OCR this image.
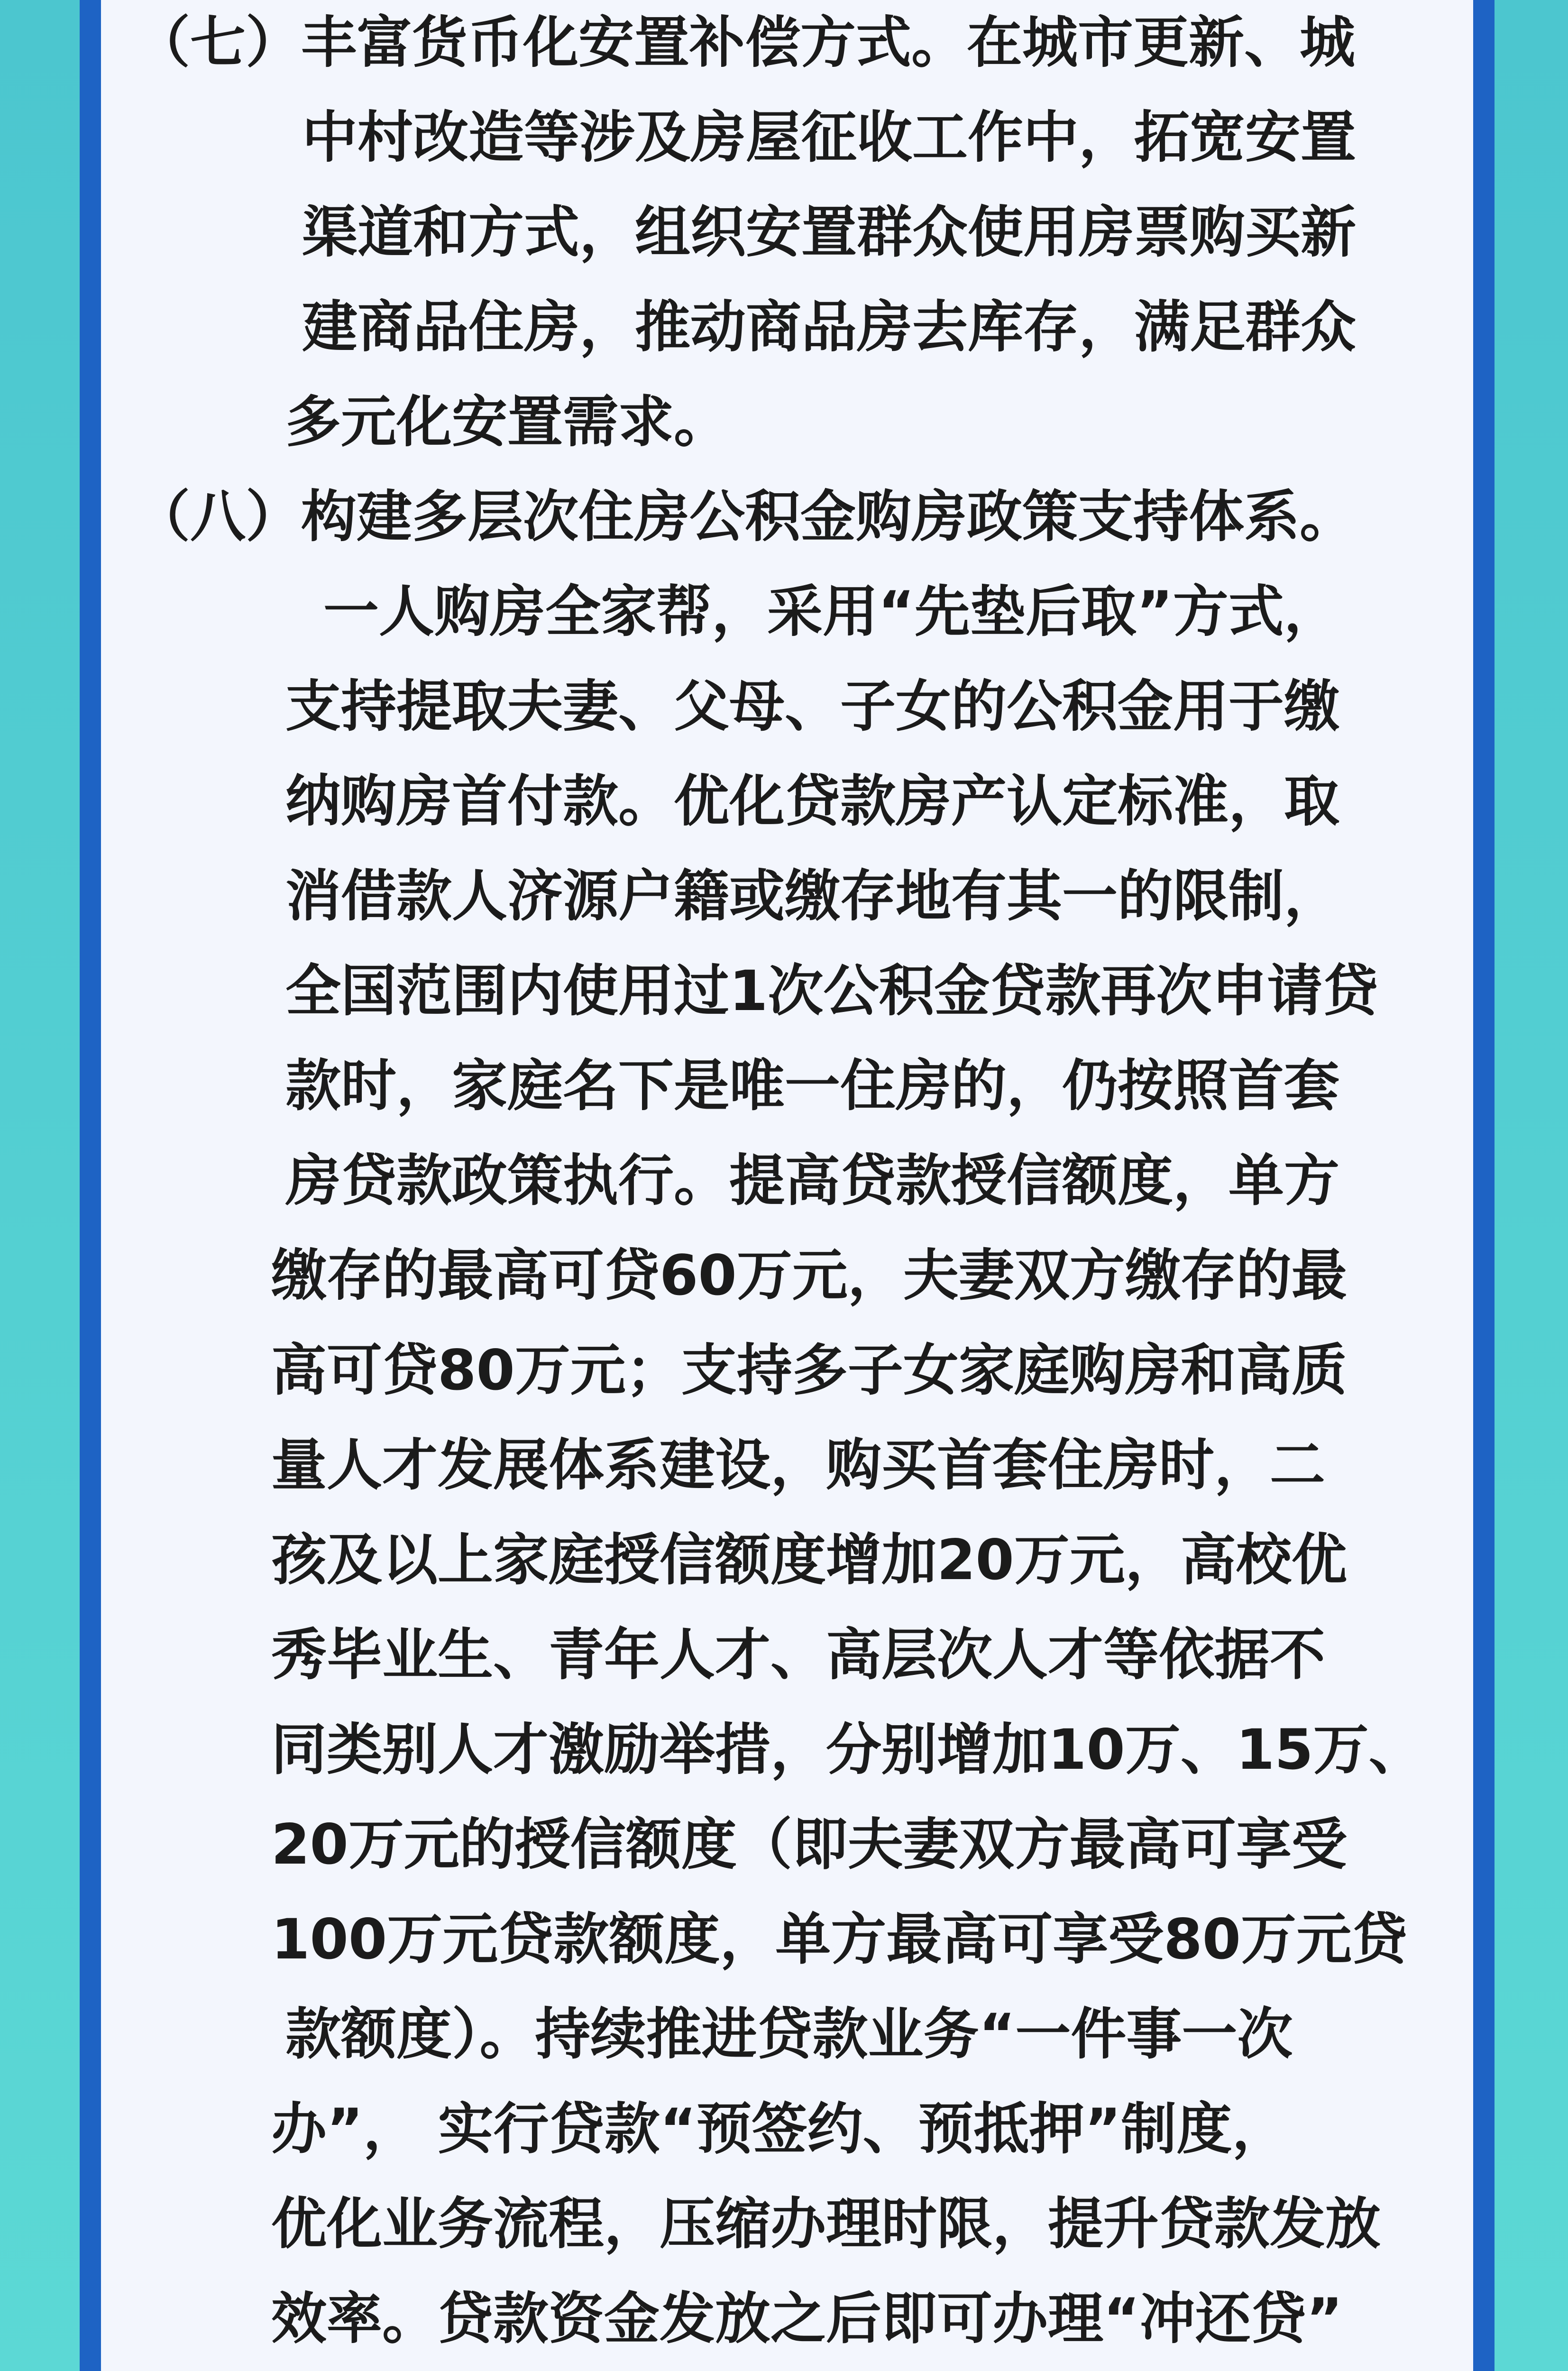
（七）丰富货币化安置补偿方式。在城市更新、城
中村改造等涉及房屋征收工作中，拓宽安置
渠道和方式，组织安置群众使用房票购买新
建商品住房，推动商品房去库存，满足群众
多元化安置需求。
（八）构建多层次住房公积金购房政策支持体系。
一人购房全家帮，采用“先垫后取”方式，
支持提取夫妻、父母、子女的公积金用于缴
纳购房首付款。优化贷款房产认定标准，取
消借款人济源户籍或缴存地有其一的限制，
全国范围内使用过1次公积金贷款再次申请贷
款时，家庭名下是唯一住房的，仍按照首套
房贷款政策执行。提高贷款授信额度，单方
缴存的最高可贷60万元，夫妻双方缴存的最
高可贷80万元；支持多子女家庭购房和高质
量人才发展体系建设，购买首套住房时，二
孩及以上家庭授信额度增加20万元，高校优
秀毕业生、青年人才、高层次人才等依据不
同类别人才激励举措，分别增加10万、15万、
20万元的授信额度（即夫妻双方最高可享受
100万元贷款额度，单方最高可享受80万元贷
款额度）。持续推进贷款业务“一件事一次
办”， 实行贷款“预签约、预抵押”制度，
优化业务流程，压缩办理时限，提升贷款发放
效率。贷款资金发放之后即可办理“冲还贷”
